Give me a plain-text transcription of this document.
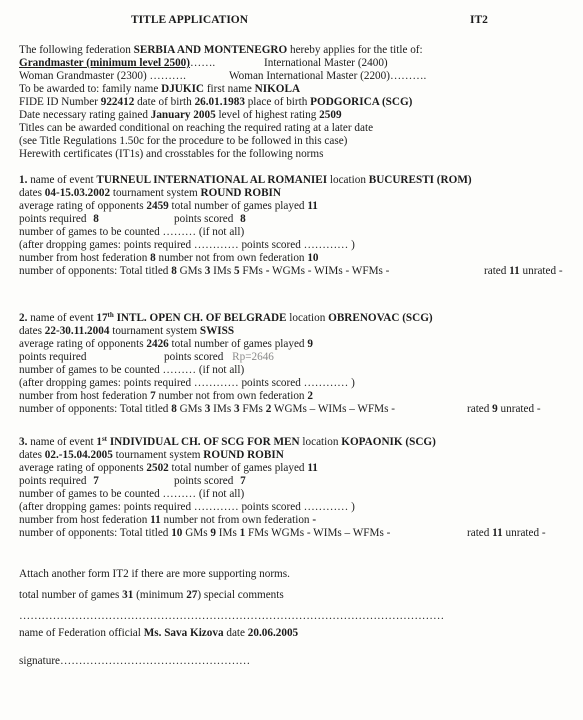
TITLE APPLICATION	IT2
The following federation SERBIA AND MONTENEGRO hereby applies for the title of:
Grandmaster (minimum level 2500)…….	International Master (2400)
Woman Grandmaster (2300) ……….	Woman International Master (2200)……….
To be awarded to: family name DJUKIC first name NIKOLA
FIDE ID Number 922412 date of birth 26.01.1983 place of birth PODGORICA (SCG)
Date necessary rating gained January 2005 level of highest rating 2509
Titles can be awarded conditional on reaching the required rating at a later date
(see Title Regulations 1.50c for the procedure to be followed in this case)
Herewith certificates (IT1s) and crosstables for the following norms
1. name of event TURNEUL INTERNATIONAL AL ROMANIEI location BUCURESTI (ROM)
dates 04-15.03.2002 tournament system ROUND ROBIN
average rating of opponents 2459 total number of games played 11
points required 8	points scored 8
number of games to be counted ……… (if not all)
(after dropping games: points required ………… points scored ………… )
number from host federation 8 number not from own federation 10
number of opponents: Total titled 8 GMs 3 IMs 5 FMs - WGMs - WIMs - WFMs -	rated 11 unrated -
2. name of event 17th INTL. OPEN CH. OF BELGRADE location OBRENOVAC (SCG)
dates 22-30.11.2004 tournament system SWISS
average rating of opponents 2426 total number of games played 9
points required	points scored Rp=2646
number of games to be counted ……… (if not all)
(after dropping games: points required ………… points scored ………… )
number from host federation 7 number not from own federation 2
number of opponents: Total titled 8 GMs 3 IMs 3 FMs 2 WGMs – WIMs – WFMs -	rated 9 unrated -
3. name of event 1st INDIVIDUAL CH. OF SCG FOR MEN location KOPAONIK (SCG)
dates 02.-15.04.2005 tournament system ROUND ROBIN
average rating of opponents 2502 total number of games played 11
points required 7	points scored 7
number of games to be counted ……… (if not all)
(after dropping games: points required ………… points scored ………… )
number from host federation 11 number not from own federation -
number of opponents: Total titled 10 GMs 9 IMs 1 FMs WGMs - WIMs – WFMs -	rated 11 unrated -
Attach another form IT2 if there are more supporting norms.
total number of games 31 (minimum 27) special comments
……………………………………………………………………………………………………
name of Federation official Ms. Sava Kizova date 20.06.2005
signature……………………………………………
